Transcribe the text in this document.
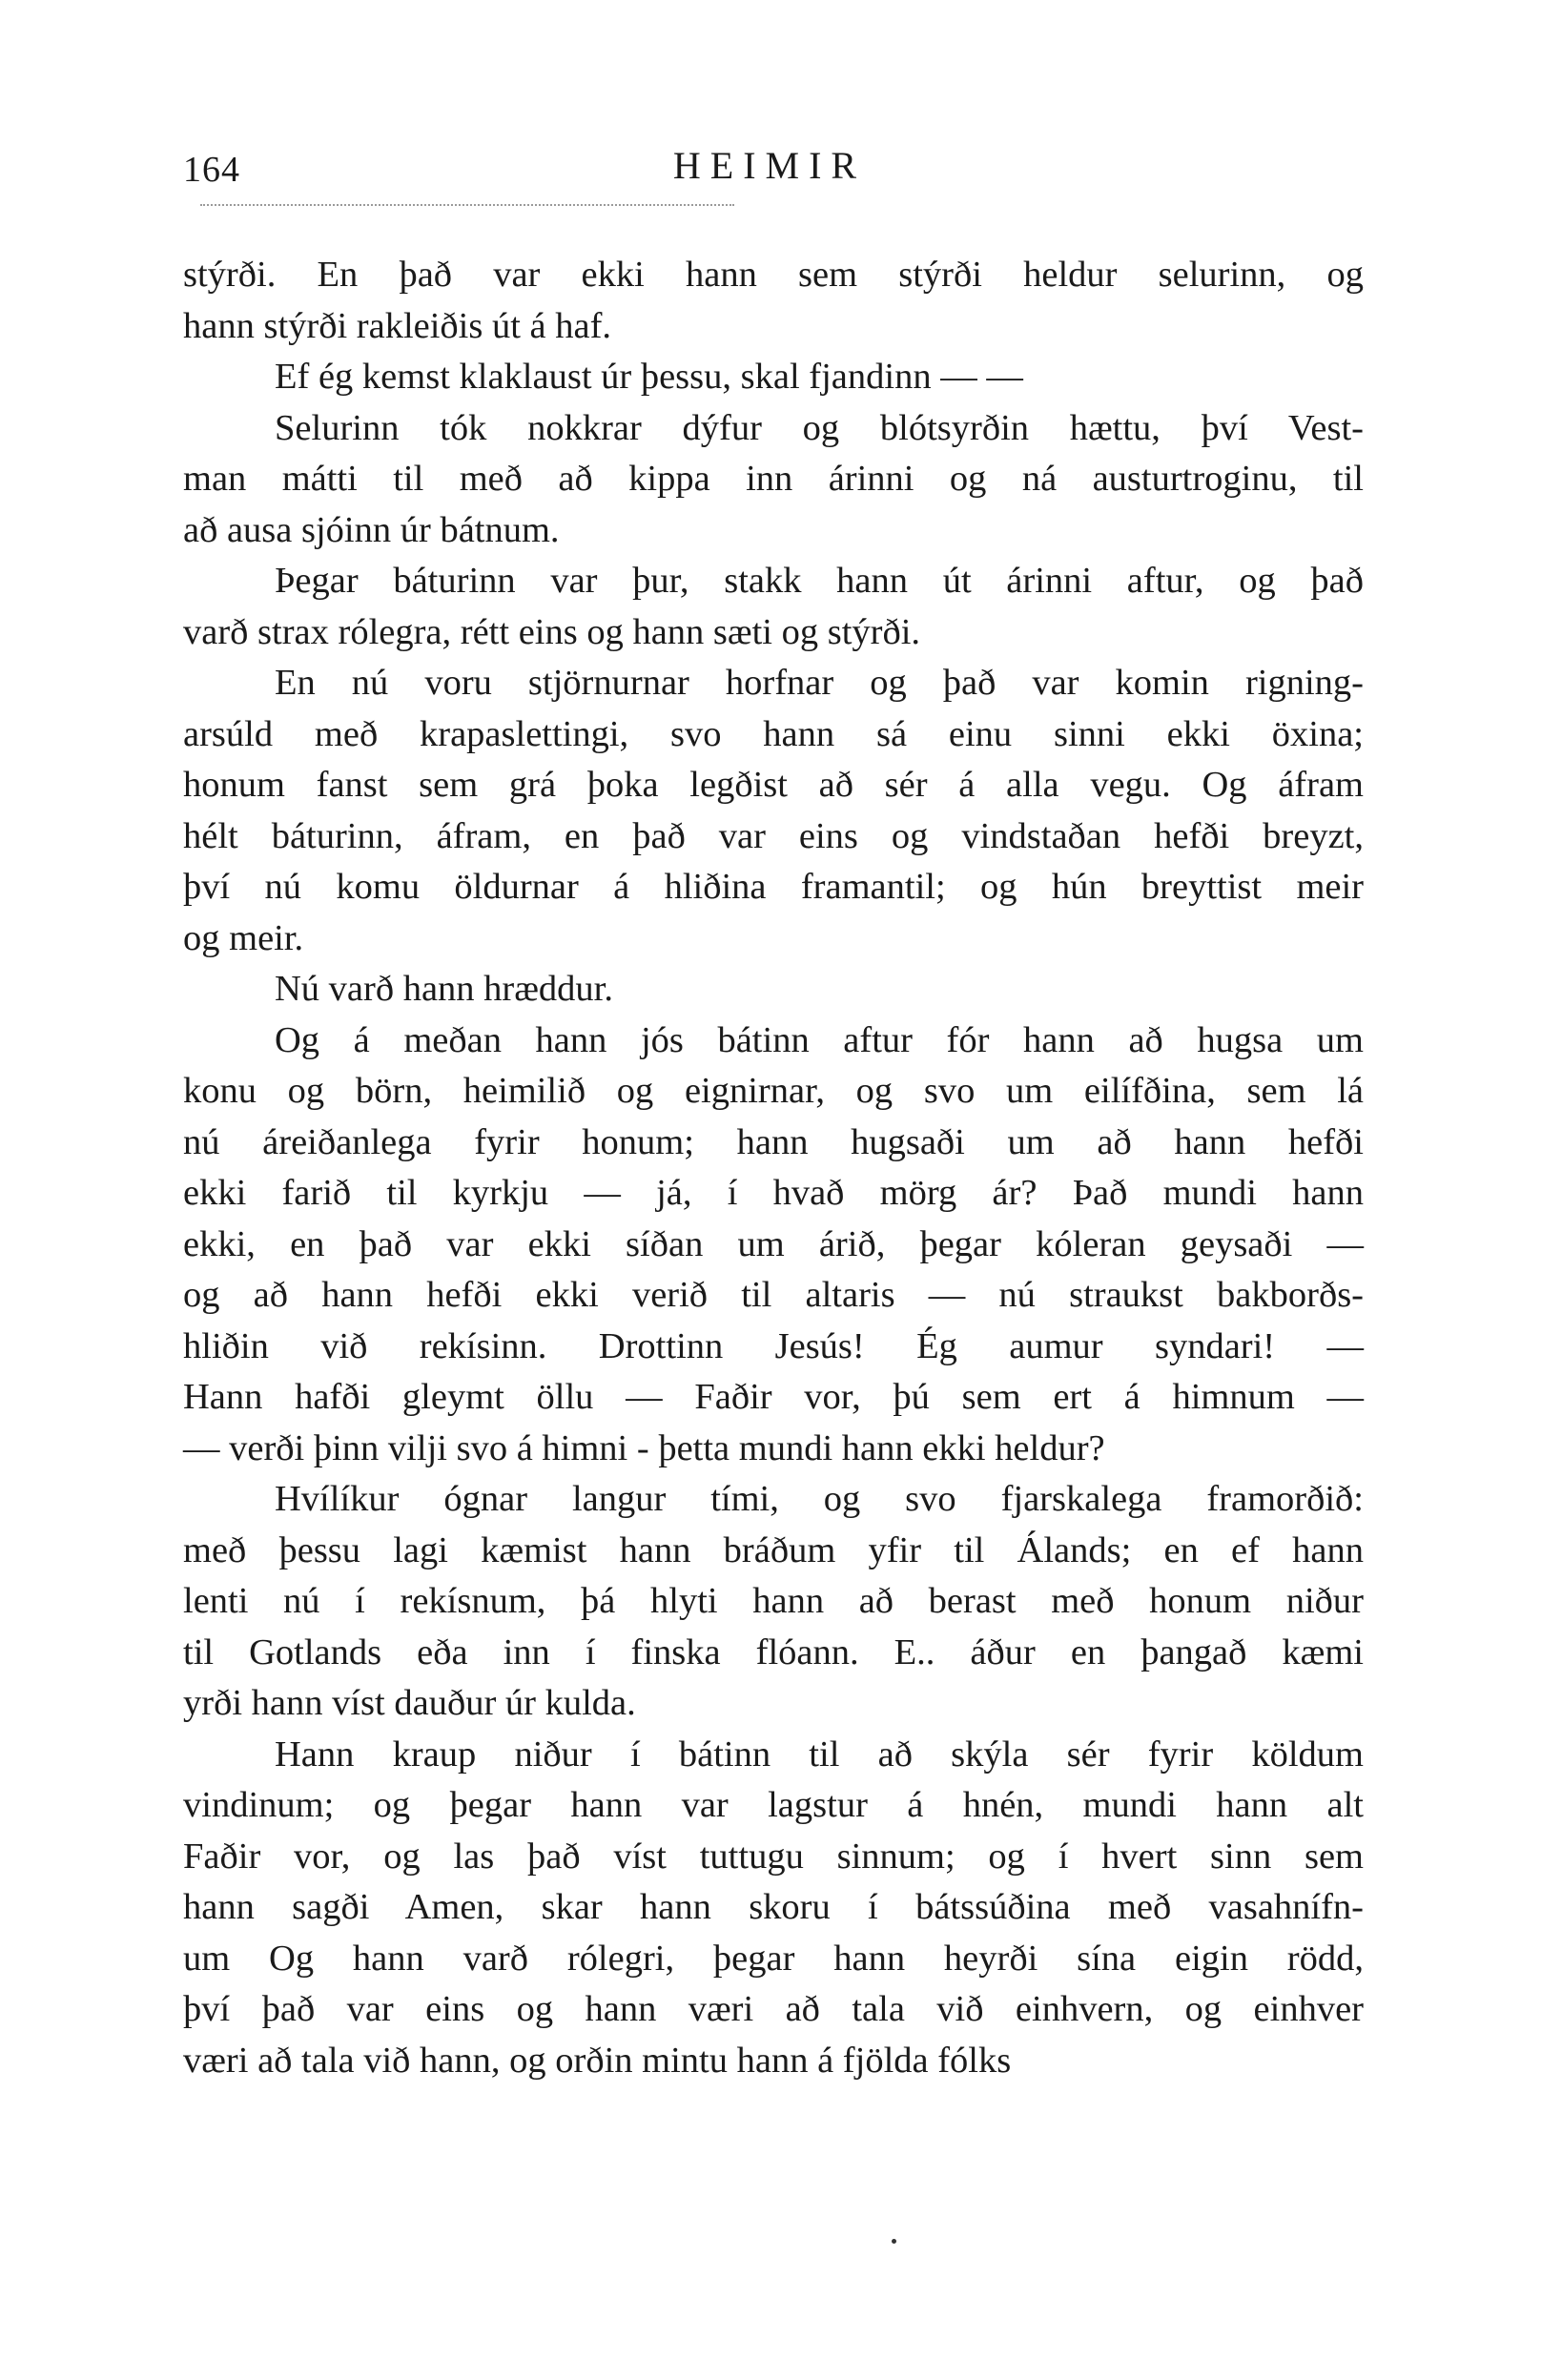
164	HEIMIR

stýrði. En það var ekki hann sem stýrði heldur selurinn, og
hann stýrði rakleiðis út á haf.

Ef ég kemst klaklaust úr þessu, skal fjandinn — —

Selurinn tók nokkrar dýfur og blótsyrðin hættu, því Vest-
man mátti til með að kippa inn árinni og ná austurtroginu, til
að ausa sjóinn úr bátnum.

Þegar báturinn var þur, stakk hann út árinni aftur, og það
varð strax rólegra, rétt eins og hann sæti og stýrði.

En nú voru stjörnurnar horfnar og það var komin rigning-
arsúld með krapaslettingi, svo hann sá einu sinni ekki öxina;
honum fanst sem grá þoka legðist að sér á alla vegu. Og áfram
hélt báturinn, áfram, en það var eins og vindstaðan hefði breyzt,
því nú komu öldurnar á hliðina framantil; og hún breyttist meir
og meir.

Nú varð hann hræddur.

Og á meðan hann jós bátinn aftur fór hann að hugsa um
konu og börn, heimilið og eignirnar, og svo um eilífðina, sem lá
nú áreiðanlega fyrir honum; hann hugsaði um að hann hefði
ekki farið til kyrkju — já, í hvað mörg ár? Það mundi hann
ekki, en það var ekki síðan um árið, þegar kóleran geysaði —
og að hann hefði ekki verið til altaris — nú straukst bakborðs-
hliðin við rekísinn. Drottinn Jesús! Ég aumur syndari! —
Hann hafði gleymt öllu — Faðir vor, þú sem ert á himnum —
— verði þinn vilji svo á himni - þetta mundi hann ekki heldur?

Hvílíkur ógnar langur tími, og svo fjarskalega framorðið:
með þessu lagi kæmist hann bráðum yfir til Álands; en ef hann
lenti nú í rekísnum, þá hlyti hann að berast með honum niður
til Gotlands eða inn í finska flóann. E.. áður en þangað kæmi
yrði hann víst dauður úr kulda.

Hann kraup niður í bátinn til að skýla sér fyrir köldum
vindinum; og þegar hann var lagstur á hnén, mundi hann alt
Faðir vor, og las það víst tuttugu sinnum; og í hvert sinn sem
hann sagði Amen, skar hann skoru í bátssúðina með vasahnífn-
um Og hann varð rólegri, þegar hann heyrði sína eigin rödd,
því það var eins og hann væri að tala við einhvern, og einhver
væri að tala við hann, og orðin mintu hann á fjölda fólks
